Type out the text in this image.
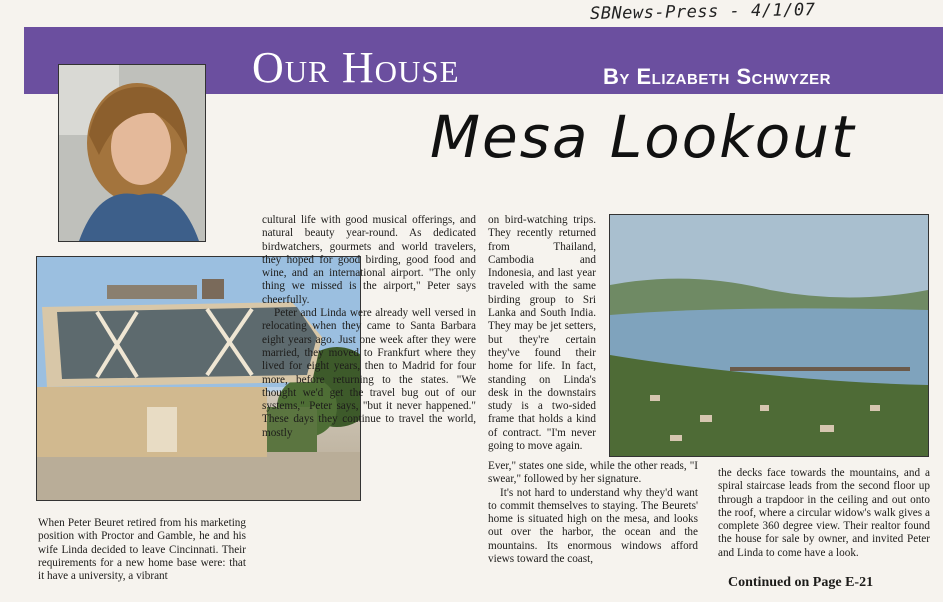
SBNews-Press - 4/1/07
Our House	By Elizabeth Schwyzer
Mesa Lookout

When Peter Beuret retired from his marketing position with Proctor and Gamble, he and his wife Linda decided to leave Cincinnati. Their requirements for a new home base were: that it have a university, a vibrant

cultural life with good musical offerings, and natural beauty year-round. As dedicated birdwatchers, gourmets and world travelers, they hoped for good birding, good food and wine, and an international airport. "The only thing we missed is the airport," Peter says cheerfully.

Peter and Linda were already well versed in relocating when they came to Santa Barbara eight years ago. Just one week after they were married, they moved to Frankfurt where they lived for eight years, then to Madrid for four more, before returning to the states. "We thought we'd get the travel bug out of our systems," Peter says, "but it never happened." These days they continue to travel the world, mostly

on bird-watching trips. They recently returned from Thailand, Cambodia and Indonesia, and last year traveled with the same birding group to Sri Lanka and South India. They may be jet setters, but they're certain they've found their home for life. In fact, standing on Linda's desk in the downstairs study is a two-sided frame that holds a kind of contract. "I'm never going to move again.

Ever," states one side, while the other reads, "I swear," followed by her signature.

It's not hard to understand why they'd want to commit themselves to staying. The Beurets' home is situated high on the mesa, and looks out over the harbor, the ocean and the mountains. Its enormous windows afford views toward the coast,

the decks face towards the mountains, and a spiral staircase leads from the second floor up through a trapdoor in the ceiling and out onto the roof, where a circular widow's walk gives a complete 360 degree view. Their realtor found the house for sale by owner, and invited Peter and Linda to come have a look.

Continued on Page E-21
